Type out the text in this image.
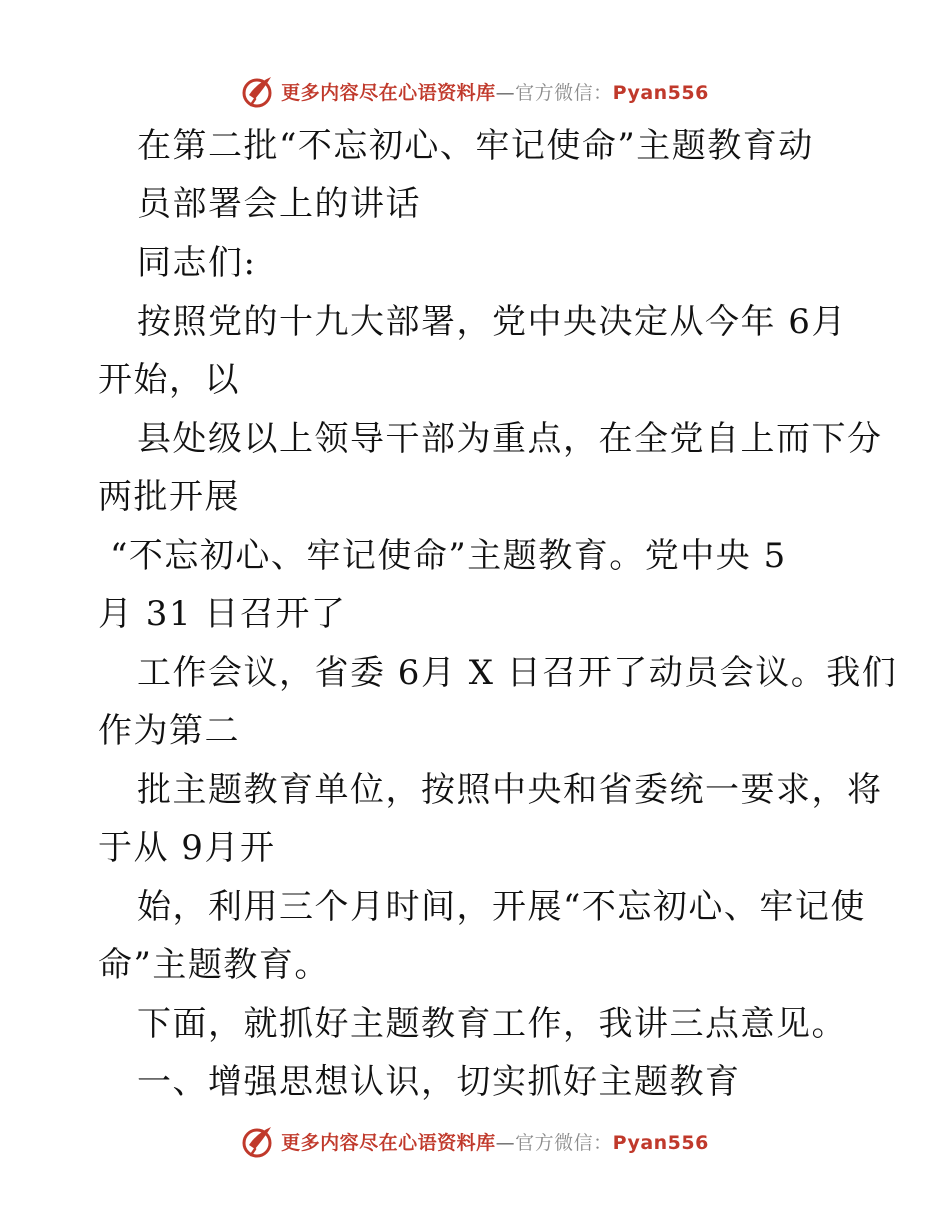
更多内容尽在心语资料库—官方微信：Pyan556
在第二批“不忘初心、牢记使命”主题教育动
员部署会上的讲话
同志们:
按照党的十九大部署，党中央决定从今年 6月
开始，以
县处级以上领导干部为重点，在全党自上而下分
两批开展
“不忘初心、牢记使命”主题教育。党中央 5
月 31 日召开了
工作会议，省委 6月 X 日召开了动员会议。我们
作为第二
批主题教育单位，按照中央和省委统一要求，将
于从 9月开
始，利用三个月时间，开展“不忘初心、牢记使
命”主题教育。
下面，就抓好主题教育工作，我讲三点意见。
一、增强思想认识，切实抓好主题教育
更多内容尽在心语资料库—官方微信：Pyan556
